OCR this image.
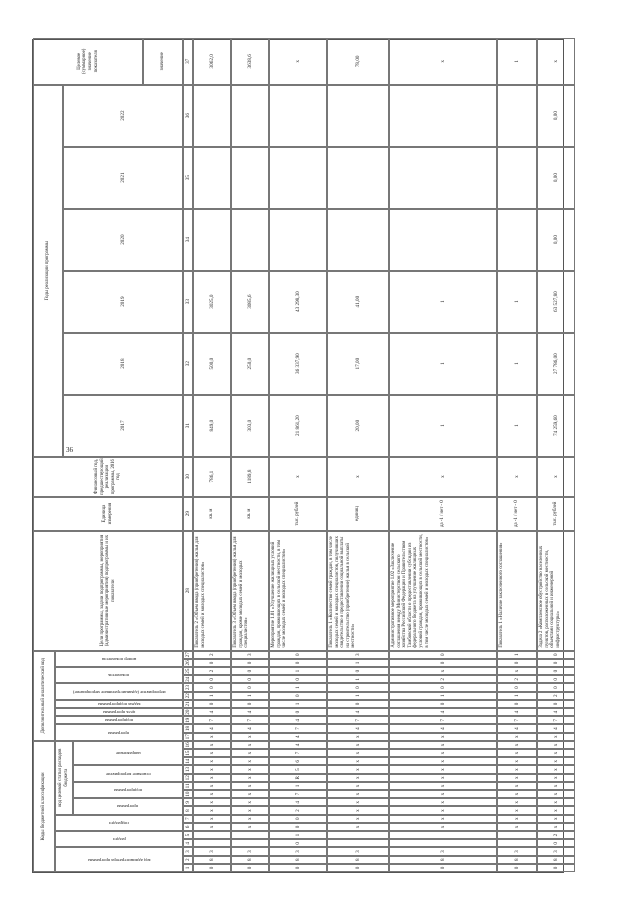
36
Коды бюджетной классификации
Дополнительный аналитический код
код администратора программы
раздел
подраздел
код целевой статьи расходов бюджета
программа
подпрограмма
основное мероприятие
направление
программа
подпрограмма
цель программы
задача подпрограммы
мероприятие (административное мероприятие)
показатель
номер показателя
Цели программы, задачи подпрограммы, мероприятия (административные мероприятия) подпрограммы и их показатели
Единица измерения
Финансовый год, предшествующий реализации программы, 2016 год
Годы реализации программы
2017
2018
2019
2020
2021
2022
Целевое (суммарное) значение показателя	значение
1
2
3
4
5
6
7
8
9
10
11
12
13
14
15
16
17
18
19
20
21
22
23
24
25
26
27
28
29
30
31
32
33
34
35
36
37
0
8
3
x
x
x
x
x
x
x
x
x
x
x
x
4
7
4
0
1
0
0
2
0
2
Показатель 2 «Объем ввода (приобретения) жилья для молодых семей и молодых специалистов»
кв. м
786,1
849,0
500,0
3025,0
3062,0
0
8
3
x
x
x
x
x
x
x
x
x
x
x
x
4
7
4
0
1
0
0
0
0
3
Показатель 3 «Объем ввода (приобретения) жилья для граждан, кроме молодых семей и молодых специалистов»
кв. м
1189,8
303,0
250,0
3085,6
3638,6
0
8
3
0
1
0
0
2
4
7
1
R
5
6
7
4
4
7
4
0
1
0
1
0
1
0
0
Мероприятие 1.01 «Улучшение жилищных условий граждан, проживающих в сельской местности, в том числе молодых семей и молодых специалистов»
тыс. рублей
x
21 861,20
36 337,90
43 298,30
x
0
8
3
x
x
x
x
x
x
x
x
x
x
x
x
4
7
4
0
1
0
1
0
1
3
Показатель 1 «Количество семей граждан, в том числе молодых семей и молодых специалистов, получивших свидетельство о предоставлении социальной выплаты на строительство (приобретение) жилья в сельской местности»
единиц
x
20,00
17,00
41,00
78,00
0
8
3
x
x
x
x
x
x
x
x
x
x
x
x
4
7
4
0
1
0
2
x
0
0
Административное мероприятие 1.02 «Заключение соглашения между Министерством сельского хозяйства Российской Федерации и Правительством Тамбовской области о предоставлении субсидии из федерального бюджета на улучшение жилищных условий граждан, проживающих в сельской местности, в том числе молодых семей и молодых специалистов»
да -1 / нет - 0
x
1
1
1
x
0
8
3
x
x
x
x
x
x
x
x
x
x
x
x
4
7
4
0
1
0
2
x
0
1
Показатель 1 «Наличие заключенного соглашения»
да -1 / нет - 0
x
1
1
1
1
0
8
3
0
2
x
x
x
x
x
x
x
x
x
x
x
x
4
7
4
0
2
0
0
0
0
0
Задача 2 «Комплексное обустройство населенных пунктов, расположенных в сельской местности, объектами социальной и инженерной инфраструктуры»
тыс. рублей
x
74 259,60
27 786,00
63 527,80
0,00
0,00
0,00
x
